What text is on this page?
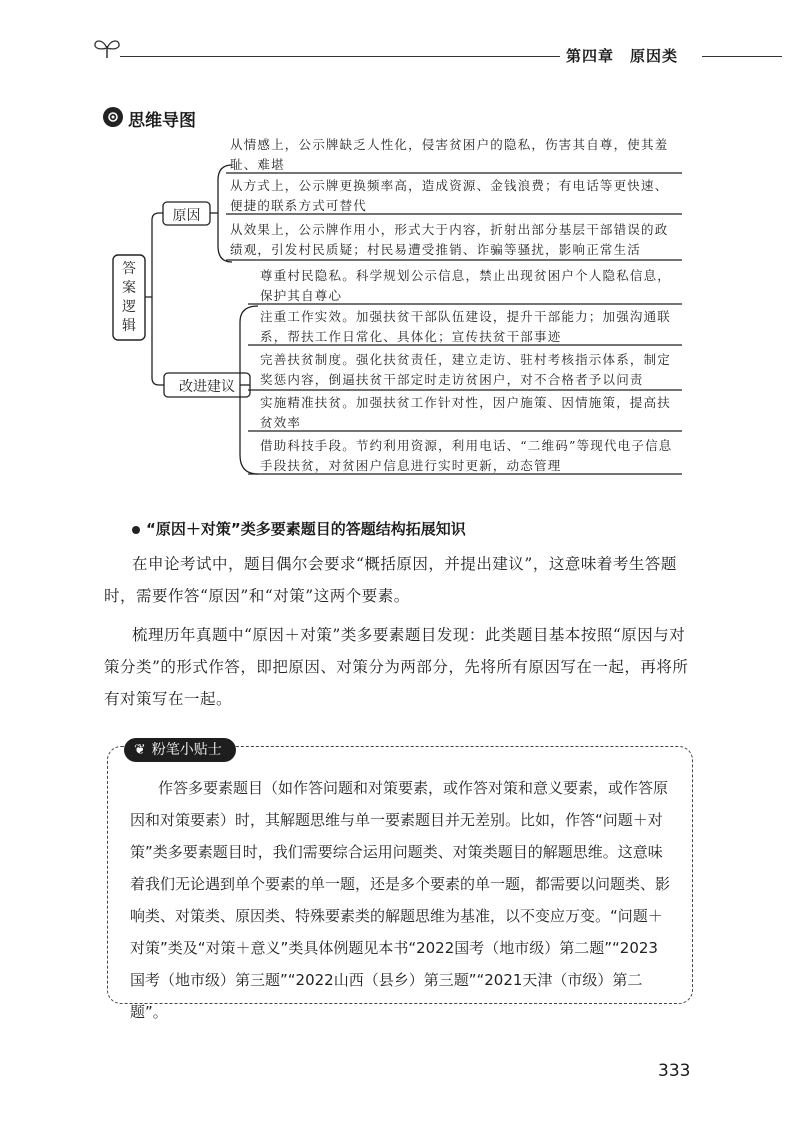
第四章　原因类
思维导图
答案逻辑
原因
改进建议
从情感上，公示牌缺乏人性化，侵害贫困户的隐私，伤害其自尊，使其羞耻、难堪
从方式上，公示牌更换频率高，造成资源、金钱浪费；有电话等更快速、便捷的联系方式可替代
从效果上，公示牌作用小，形式大于内容，折射出部分基层干部错误的政绩观，引发村民质疑；村民易遭受推销、诈骗等骚扰，影响正常生活
尊重村民隐私。科学规划公示信息，禁止出现贫困户个人隐私信息，保护其自尊心
注重工作实效。加强扶贫干部队伍建设，提升干部能力；加强沟通联系，帮扶工作日常化、具体化；宣传扶贫干部事迹
完善扶贫制度。强化扶贫责任，建立走访、驻村考核指示体系，制定奖惩内容，倒逼扶贫干部定时走访贫困户，对不合格者予以问责
实施精准扶贫。加强扶贫工作针对性，因户施策、因情施策，提高扶贫效率
借助科技手段。节约利用资源，利用电话、“二维码”等现代电子信息手段扶贫，对贫困户信息进行实时更新，动态管理
“原因＋对策”类多要素题目的答题结构拓展知识
在申论考试中，题目偶尔会要求“概括原因，并提出建议”，这意味着考生答题时，需要作答“原因”和“对策”这两个要素。
梳理历年真题中“原因＋对策”类多要素题目发现：此类题目基本按照“原因与对策分类”的形式作答，即把原因、对策分为两部分，先将所有原因写在一起，再将所有对策写在一起。
❦ 粉笔小贴士
作答多要素题目（如作答问题和对策要素，或作答对策和意义要素，或作答原因和对策要素）时，其解题思维与单一要素题目并无差别。比如，作答“问题＋对策”类多要素题目时，我们需要综合运用问题类、对策类题目的解题思维。这意味着我们无论遇到单个要素的单一题，还是多个要素的单一题，都需要以问题类、影响类、对策类、原因类、特殊要素类的解题思维为基准，以不变应万变。“问题＋对策”类及“对策＋意义”类具体例题见本书“2022国考（地市级）第二题”“2023国考（地市级）第三题”“2022山西（县乡）第三题”“2021天津（市级）第二题”。
333
